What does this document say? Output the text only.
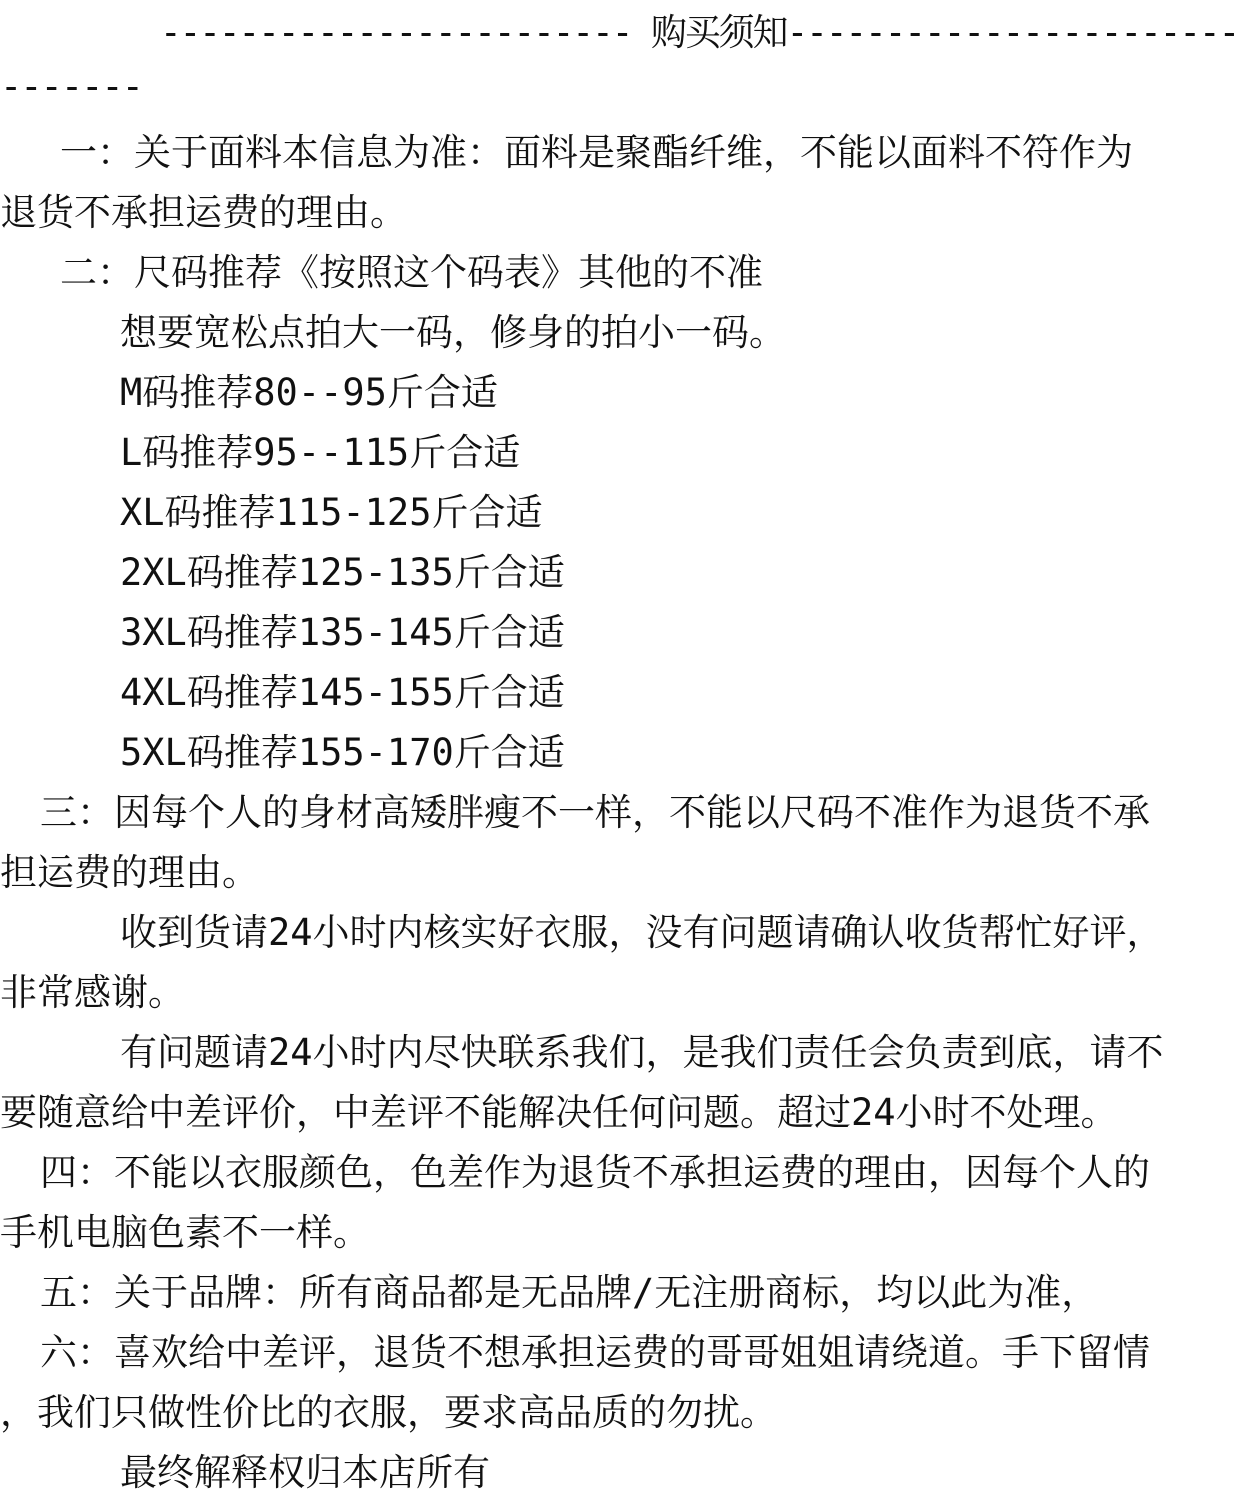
------------------------ 购买须知-----------------------
-------
一：关于面料本信息为准：面料是聚酯纤维，不能以面料不符作为
退货不承担运费的理由。
二：尺码推荐《按照这个码表》其他的不准
想要宽松点拍大一码，修身的拍小一码。
M码推荐80--95斤合适
L码推荐95--115斤合适
XL码推荐115-125斤合适
2XL码推荐125-135斤合适
3XL码推荐135-145斤合适
4XL码推荐145-155斤合适
5XL码推荐155-170斤合适
三：因每个人的身材高矮胖瘦不一样，不能以尺码不准作为退货不承
担运费的理由。
收到货请24小时内核实好衣服，没有问题请确认收货帮忙好评，
非常感谢。
有问题请24小时内尽快联系我们，是我们责任会负责到底，请不
要随意给中差评价，中差评不能解决任何问题。超过24小时不处理。
四：不能以衣服颜色，色差作为退货不承担运费的理由，因每个人的
手机电脑色素不一样。
五：关于品牌：所有商品都是无品牌/无注册商标，均以此为准，
六：喜欢给中差评，退货不想承担运费的哥哥姐姐请绕道。手下留情
，我们只做性价比的衣服，要求高品质的勿扰。
最终解释权归本店所有
